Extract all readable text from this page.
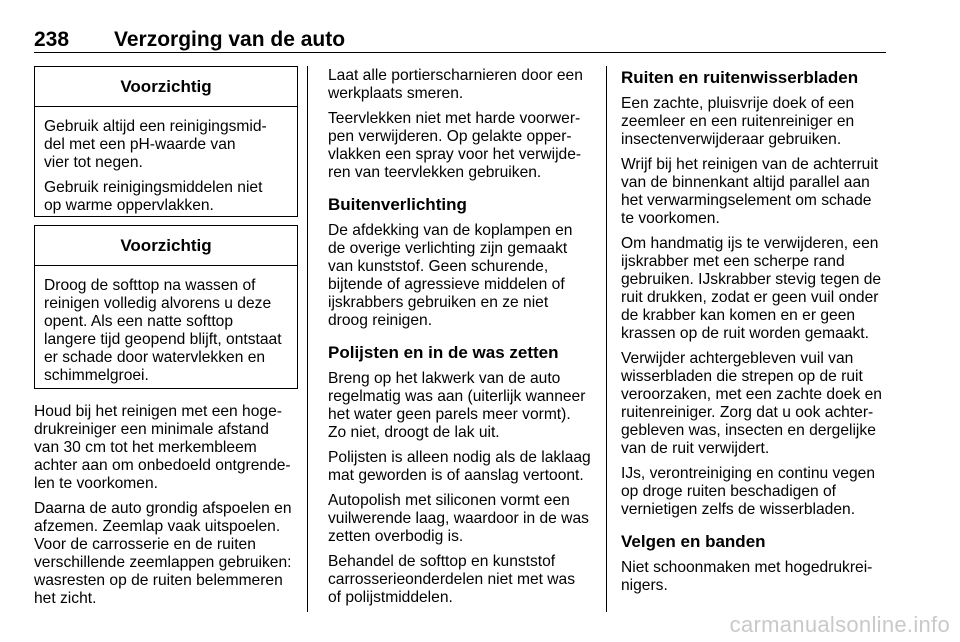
238 Verzorging van de auto
Voorzichtig

Gebruik altijd een reinigingsmid-
del met een pH-waarde van
vier tot negen.

Gebruik reinigingsmiddelen niet
op warme oppervlakken.

Voorzichtig

Droog de softtop na wassen of
reinigen volledig alvorens u deze
opent. Als een natte softtop
langere tijd geopend blijft, ontstaat
er schade door watervlekken en
schimmelgroei.

Houd bij het reinigen met een hoge-
drukreiniger een minimale afstand
van 30 cm tot het merkembleem
achter aan om onbedoeld ontgrende-
len te voorkomen.

Daarna de auto grondig afspoelen en
afzemen. Zeemlap vaak uitspoelen.
Voor de carrosserie en de ruiten
verschillende zeemlappen gebruiken:
wasresten op de ruiten belemmeren
het zicht.

Laat alle portierscharnieren door een
werkplaats smeren.

Teervlekken niet met harde voorwer-
pen verwijderen. Op gelakte opper-
vlakken een spray voor het verwijde-
ren van teervlekken gebruiken.

Buitenverlichting

De afdekking van de koplampen en
de overige verlichting zijn gemaakt
van kunststof. Geen schurende,
bijtende of agressieve middelen of
ijskrabbers gebruiken en ze niet
droog reinigen.

Polijsten en in de was zetten

Breng op het lakwerk van de auto
regelmatig was aan (uiterlijk wanneer
het water geen parels meer vormt).
Zo niet, droogt de lak uit.

Polijsten is alleen nodig als de laklaag
mat geworden is of aanslag vertoont.

Autopolish met siliconen vormt een
vuilwerende laag, waardoor in de was
zetten overbodig is.

Behandel de softtop en kunststof
carrosserieonderdelen niet met was
of polijstmiddelen.

Ruiten en ruitenwisserbladen

Een zachte, pluisvrije doek of een
zeemleer en een ruitenreiniger en
insectenverwijderaar gebruiken.

Wrijf bij het reinigen van de achterruit
van de binnenkant altijd parallel aan
het verwarmingselement om schade
te voorkomen.

Om handmatig ijs te verwijderen, een
ijskrabber met een scherpe rand
gebruiken. IJskrabber stevig tegen de
ruit drukken, zodat er geen vuil onder
de krabber kan komen en er geen
krassen op de ruit worden gemaakt.

Verwijder achtergebleven vuil van
wisserbladen die strepen op de ruit
veroorzaken, met een zachte doek en
ruitenreiniger. Zorg dat u ook achter-
gebleven was, insecten en dergelijke
van de ruit verwijdert.

IJs, verontreiniging en continu vegen
op droge ruiten beschadigen of
vernietigen zelfs de wisserbladen.

Velgen en banden

Niet schoonmaken met hogedrukrei-
nigers.

carmanualsonline.info
